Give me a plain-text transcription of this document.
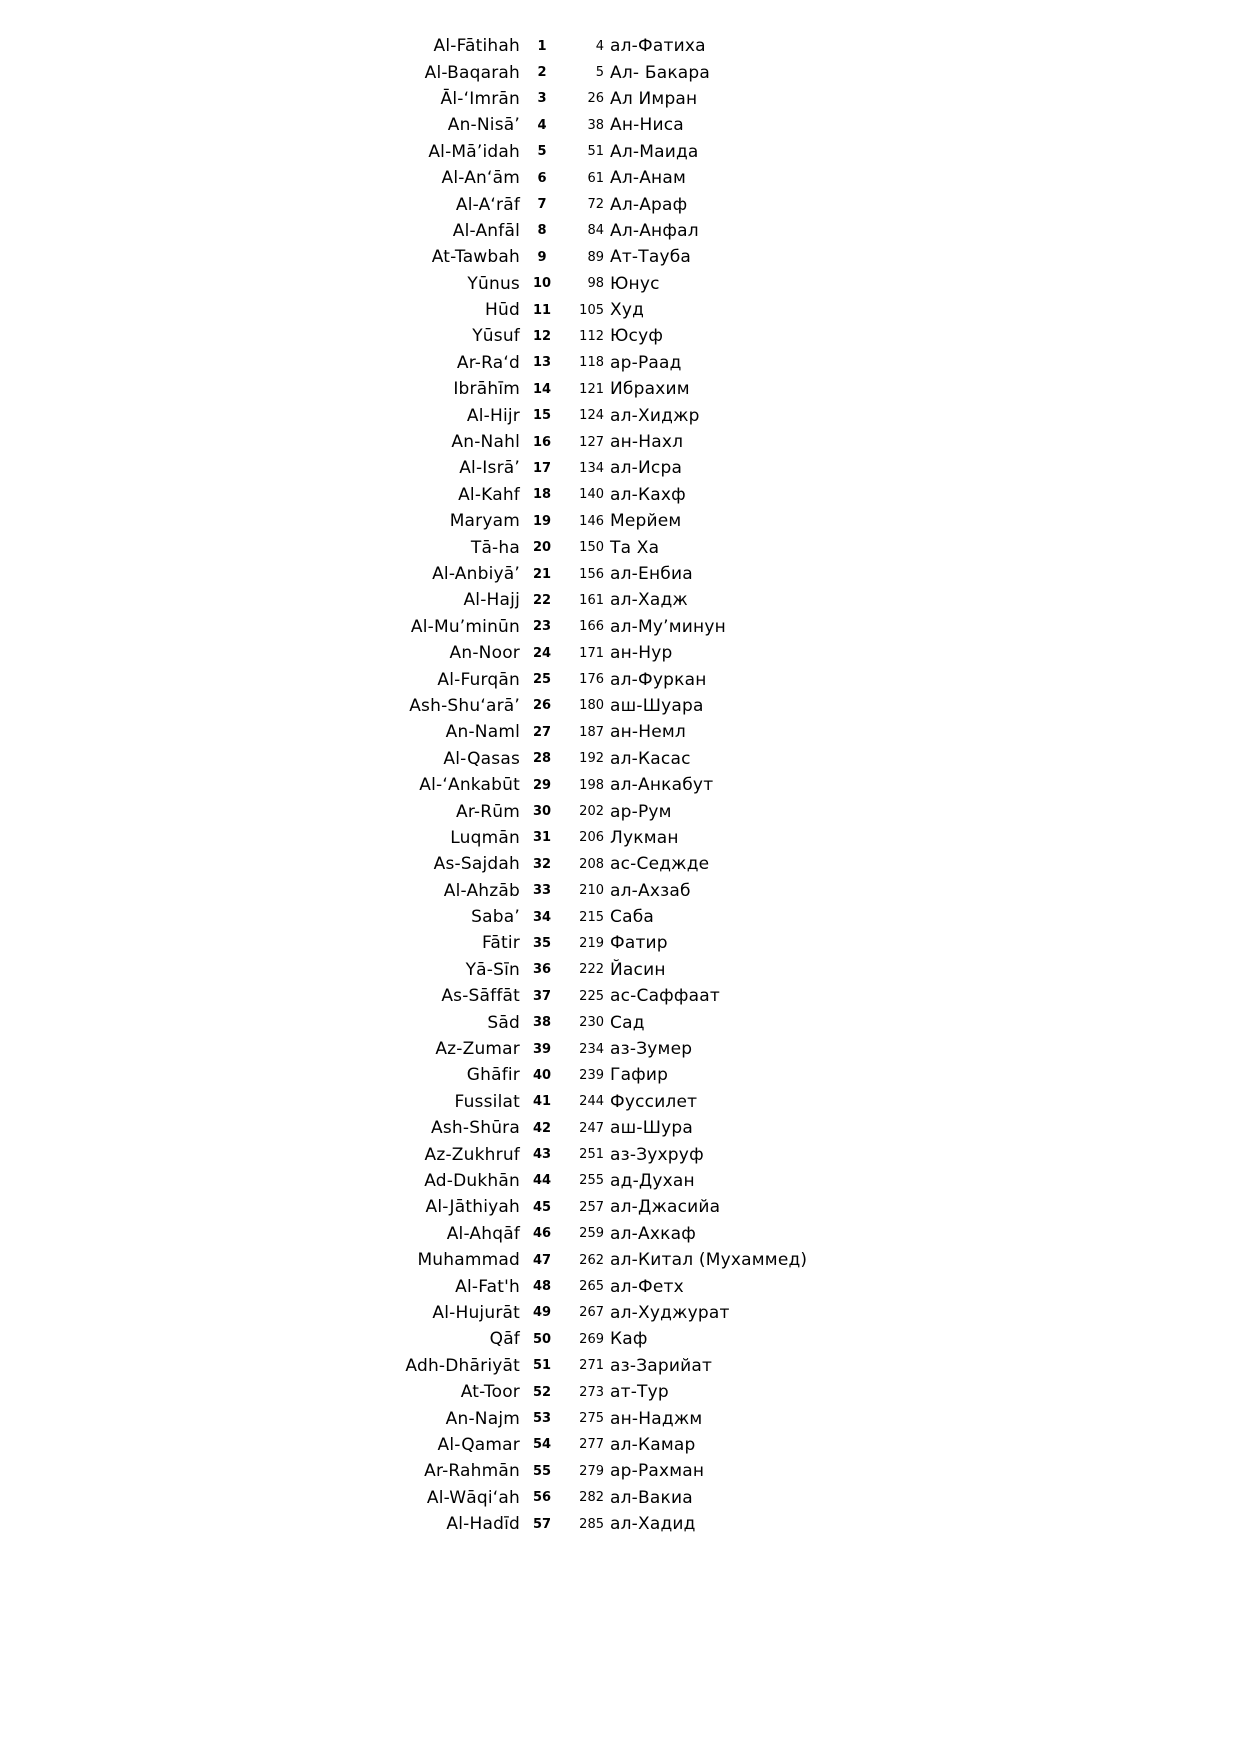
Al-Fātihah	1	4 ал-Фатиха
Al-Baqarah	2	5 Ал- Бакара
Āl-‘Imrān	3	26 Ал Имран
An-Nisā’	4	38 Ан-Ниса
Al-Mā’idah	5	51 Ал-Маида
Al-An‘ām	6	61 Ал-Анам
Al-A‘rāf	7	72 Ал-Араф
Al-Anfāl	8	84 Ал-Анфал
At-Tawbah	9	89 Ат-Тауба
Yūnus 10	98 Юнус
Hūd 11	105 Худ
Yūsuf 12	112 Юсуф
Ar-Ra‘d 13	118 ар-Раад
Ibrāhīm 14	121 Ибрахим
Al-Hijr 15	124 ал-Хиджр
An-Nahl 16	127 ан-Нахл
Al-Isrā’ 17	134 ал-Исра
Al-Kahf 18	140 ал-Кахф
Maryam 19	146 Мерйем
Tā-ha 20	150 Та Ха
Al-Anbiyā’ 21	156 ал-Енбиа
Al-Hajj 22	161 ал-Хадж
Al-Mu’minūn 23	166 ал-Му’минун
An-Noor 24	171 ан-Нур
Al-Furqān 25	176 ал-Фуркан
Ash-Shu‘arā’ 26	180 аш-Шуара
An-Naml 27	187 ан-Немл
Al-Qasas 28	192 ал-Касас
Al-‘Ankabūt 29	198 ал-Анкабут
Ar-Rūm 30	202 ар-Рум
Luqmān 31	206 Лукман
As-Sajdah 32	208 ас-Седжде
Al-Ahzāb 33	210 ал-Ахзаб
Saba’ 34	215 Саба
Fātir 35	219 Фатир
Yā-Sīn 36	222 Йасин
As-Sāffāt 37	225 ас-Саффаат
Sād 38	230 Сад
Az-Zumar 39	234 аз-Зумер
Ghāfir 40	239 Гафир
Fussilat 41	244 Фуссилет
Ash-Shūra 42	247 аш-Шура
Az-Zukhruf 43	251 аз-Зухруф
Ad-Dukhān 44	255 ад-Духан
Al-Jāthiyah 45	257 ал-Джасийа
Al-Ahqāf 46	259 ал-Ахкаф
Muhammad 47	262 ал-Китал (Мухаммед)
Al-Fat'h 48	265 ал-Фетх
Al-Hujurāt 49	267 ал-Худжурат
Qāf 50	269 Каф
Adh-Dhāriyāt 51	271 аз-Зарийат
At-Toor 52	273 ат-Тур
An-Najm 53	275 ан-Наджм
Al-Qamar 54	277 ал-Камар
Ar-Rahmān 55	279 ар-Рахман
Al-Wāqi‘ah 56	282 ал-Вакиа
Al-Hadīd 57	285 ал-Хадид
